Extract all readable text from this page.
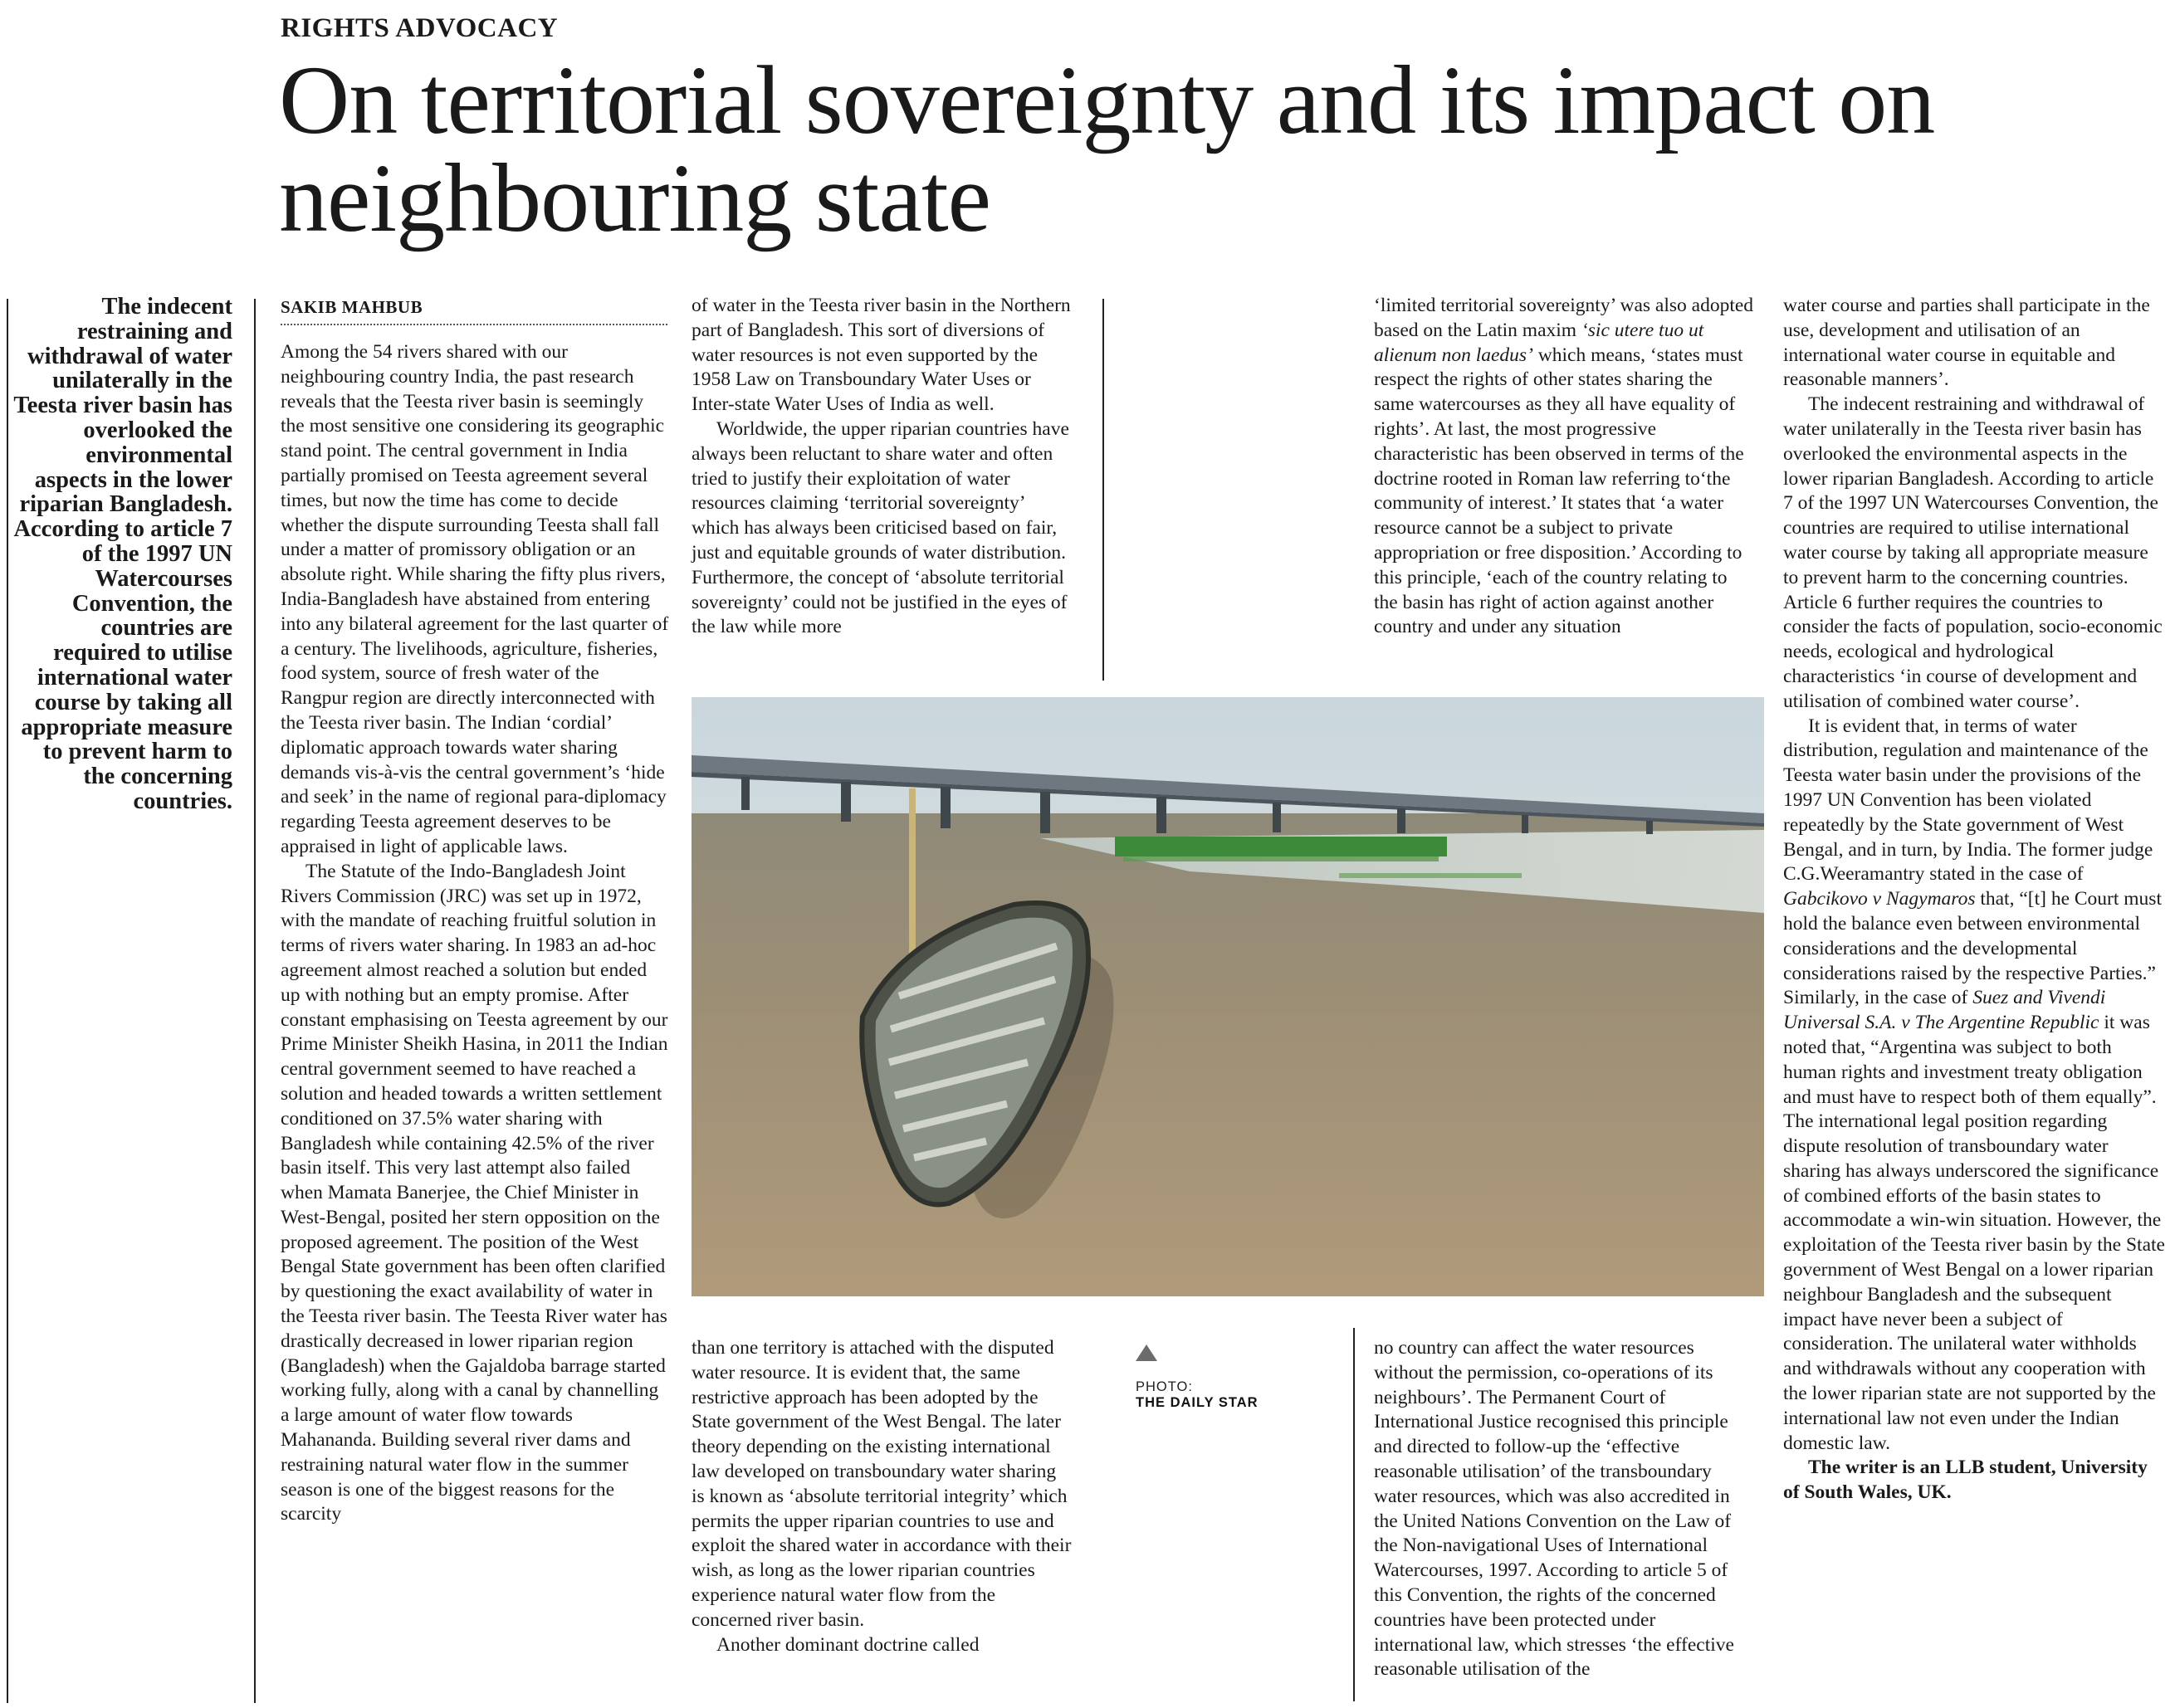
RIGHTS ADVOCACY
On territorial sovereignty and its impact on neighbouring state
The indecent restraining and withdrawal of water unilaterally in the Teesta river basin has overlooked the environmental aspects in the lower riparian Bangladesh. According to article 7 of the 1997 UN Watercourses Convention, the countries are required to utilise international water course by taking all appropriate measure to prevent harm to the concerning countries.
SAKIB MAHBUB

Among the 54 rivers shared with our neighbouring country India, the past research reveals that the Teesta river basin is seemingly the most sensitive one considering its geographic stand point. The central government in India partially promised on Teesta agreement several times, but now the time has come to decide whether the dispute surrounding Teesta shall fall under a matter of promissory obligation or an absolute right. While sharing the fifty plus rivers, India-Bangladesh have abstained from entering into any bilateral agreement for the last quarter of a century. The livelihoods, agriculture, fisheries, food system, source of fresh water of the Rangpur region are directly interconnected with the Teesta river basin. The Indian ‘cordial’ diplomatic approach towards water sharing demands vis-à-vis the central government’s ‘hide and seek’ in the name of regional para-diplomacy regarding Teesta agreement deserves to be appraised in light of applicable laws.

The Statute of the Indo-Bangladesh Joint Rivers Commission (JRC) was set up in 1972, with the mandate of reaching fruitful solution in terms of rivers water sharing. In 1983 an ad-hoc agreement almost reached a solution but ended up with nothing but an empty promise. After constant emphasising on Teesta agreement by our Prime Minister Sheikh Hasina, in 2011 the Indian central government seemed to have reached a solution and headed towards a written settlement conditioned on 37.5% water sharing with Bangladesh while containing 42.5% of the river basin itself. This very last attempt also failed when Mamata Banerjee, the Chief Minister in West-Bengal, posited her stern opposition on the proposed agreement. The position of the West Bengal State government has been often clarified by questioning the exact availability of water in the Teesta river basin. The Teesta River water has drastically decreased in lower riparian region (Bangladesh) when the Gajaldoba barrage started working fully, along with a canal by channelling a large amount of water flow towards Mahananda. Building several river dams and restraining natural water flow in the summer season is one of the biggest reasons for the scarcity

of water in the Teesta river basin in the Northern part of Bangladesh. This sort of diversions of water resources is not even supported by the 1958 Law on Transboundary Water Uses or Inter-state Water Uses of India as well.

Worldwide, the upper riparian countries have always been reluctant to share water and often tried to justify their exploitation of water resources claiming ‘territorial sovereignty’ which has always been criticised based on fair, just and equitable grounds of water distribution. Furthermore, the concept of ‘absolute territorial sovereignty’ could not be justified in the eyes of the law while more

‘limited territorial sovereignty’ was also adopted based on the Latin maxim ‘sic utere tuo ut alienum non laedus’ which means, ‘states must respect the rights of other states sharing the same watercourses as they all have equality of rights’. At last, the most progressive characteristic has been observed in terms of the doctrine rooted in Roman law referring to‘the community of interest.’ It states that ‘a water resource cannot be a subject to private appropriation or free disposition.’ According to this principle, ‘each of the country relating to the basin has right of action against another country and under any situation

than one territory is attached with the disputed water resource. It is evident that, the same restrictive approach has been adopted by the State government of the West Bengal. The later theory depending on the existing international law developed on transboundary water sharing is known as ‘absolute territorial integrity’ which permits the upper riparian countries to use and exploit the shared water in accordance with their wish, as long as the lower riparian countries experience natural water flow from the concerned river basin.

Another dominant doctrine called

PHOTO:
THE DAILY STAR

no country can affect the water resources without the permission, co-operations of its neighbours’. The Permanent Court of International Justice recognised this principle and directed to follow-up the ‘effective reasonable utilisation’ of the transboundary water resources, which was also accredited in the United Nations Convention on the Law of the Non-navigational Uses of International Watercourses, 1997. According to article 5 of this Convention, the rights of the concerned countries have been protected under international law, which stresses ‘the effective reasonable utilisation of the

water course and parties shall participate in the use, development and utilisation of an international water course in equitable and reasonable manners’.

The indecent restraining and withdrawal of water unilaterally in the Teesta river basin has overlooked the environmental aspects in the lower riparian Bangladesh. According to article 7 of the 1997 UN Watercourses Convention, the countries are required to utilise international water course by taking all appropriate measure to prevent harm to the concerning countries. Article 6 further requires the countries to consider the facts of population, socio-economic needs, ecological and hydrological characteristics ‘in course of development and utilisation of combined water course’.

It is evident that, in terms of water distribution, regulation and maintenance of the Teesta water basin under the provisions of the 1997 UN Convention has been violated repeatedly by the State government of West Bengal, and in turn, by India. The former judge C.G.Weeramantry stated in the case of Gabcikovo v Nagymaros that, “[t] he Court must hold the balance even between environmental considerations and the developmental considerations raised by the respective Parties.” Similarly, in the case of Suez and Vivendi Universal S.A. v The Argentine Republic it was noted that, “Argentina was subject to both human rights and investment treaty obligation and must have to respect both of them equally”. The international legal position regarding dispute resolution of transboundary water sharing has always underscored the significance of combined efforts of the basin states to accommodate a win-win situation. However, the exploitation of the Teesta river basin by the State government of West Bengal on a lower riparian neighbour Bangladesh and the subsequent impact have never been a subject of consideration. The unilateral water withholds and withdrawals without any cooperation with the lower riparian state are not supported by the international law not even under the Indian domestic law.

The writer is an LLB student, University of South Wales, UK.
